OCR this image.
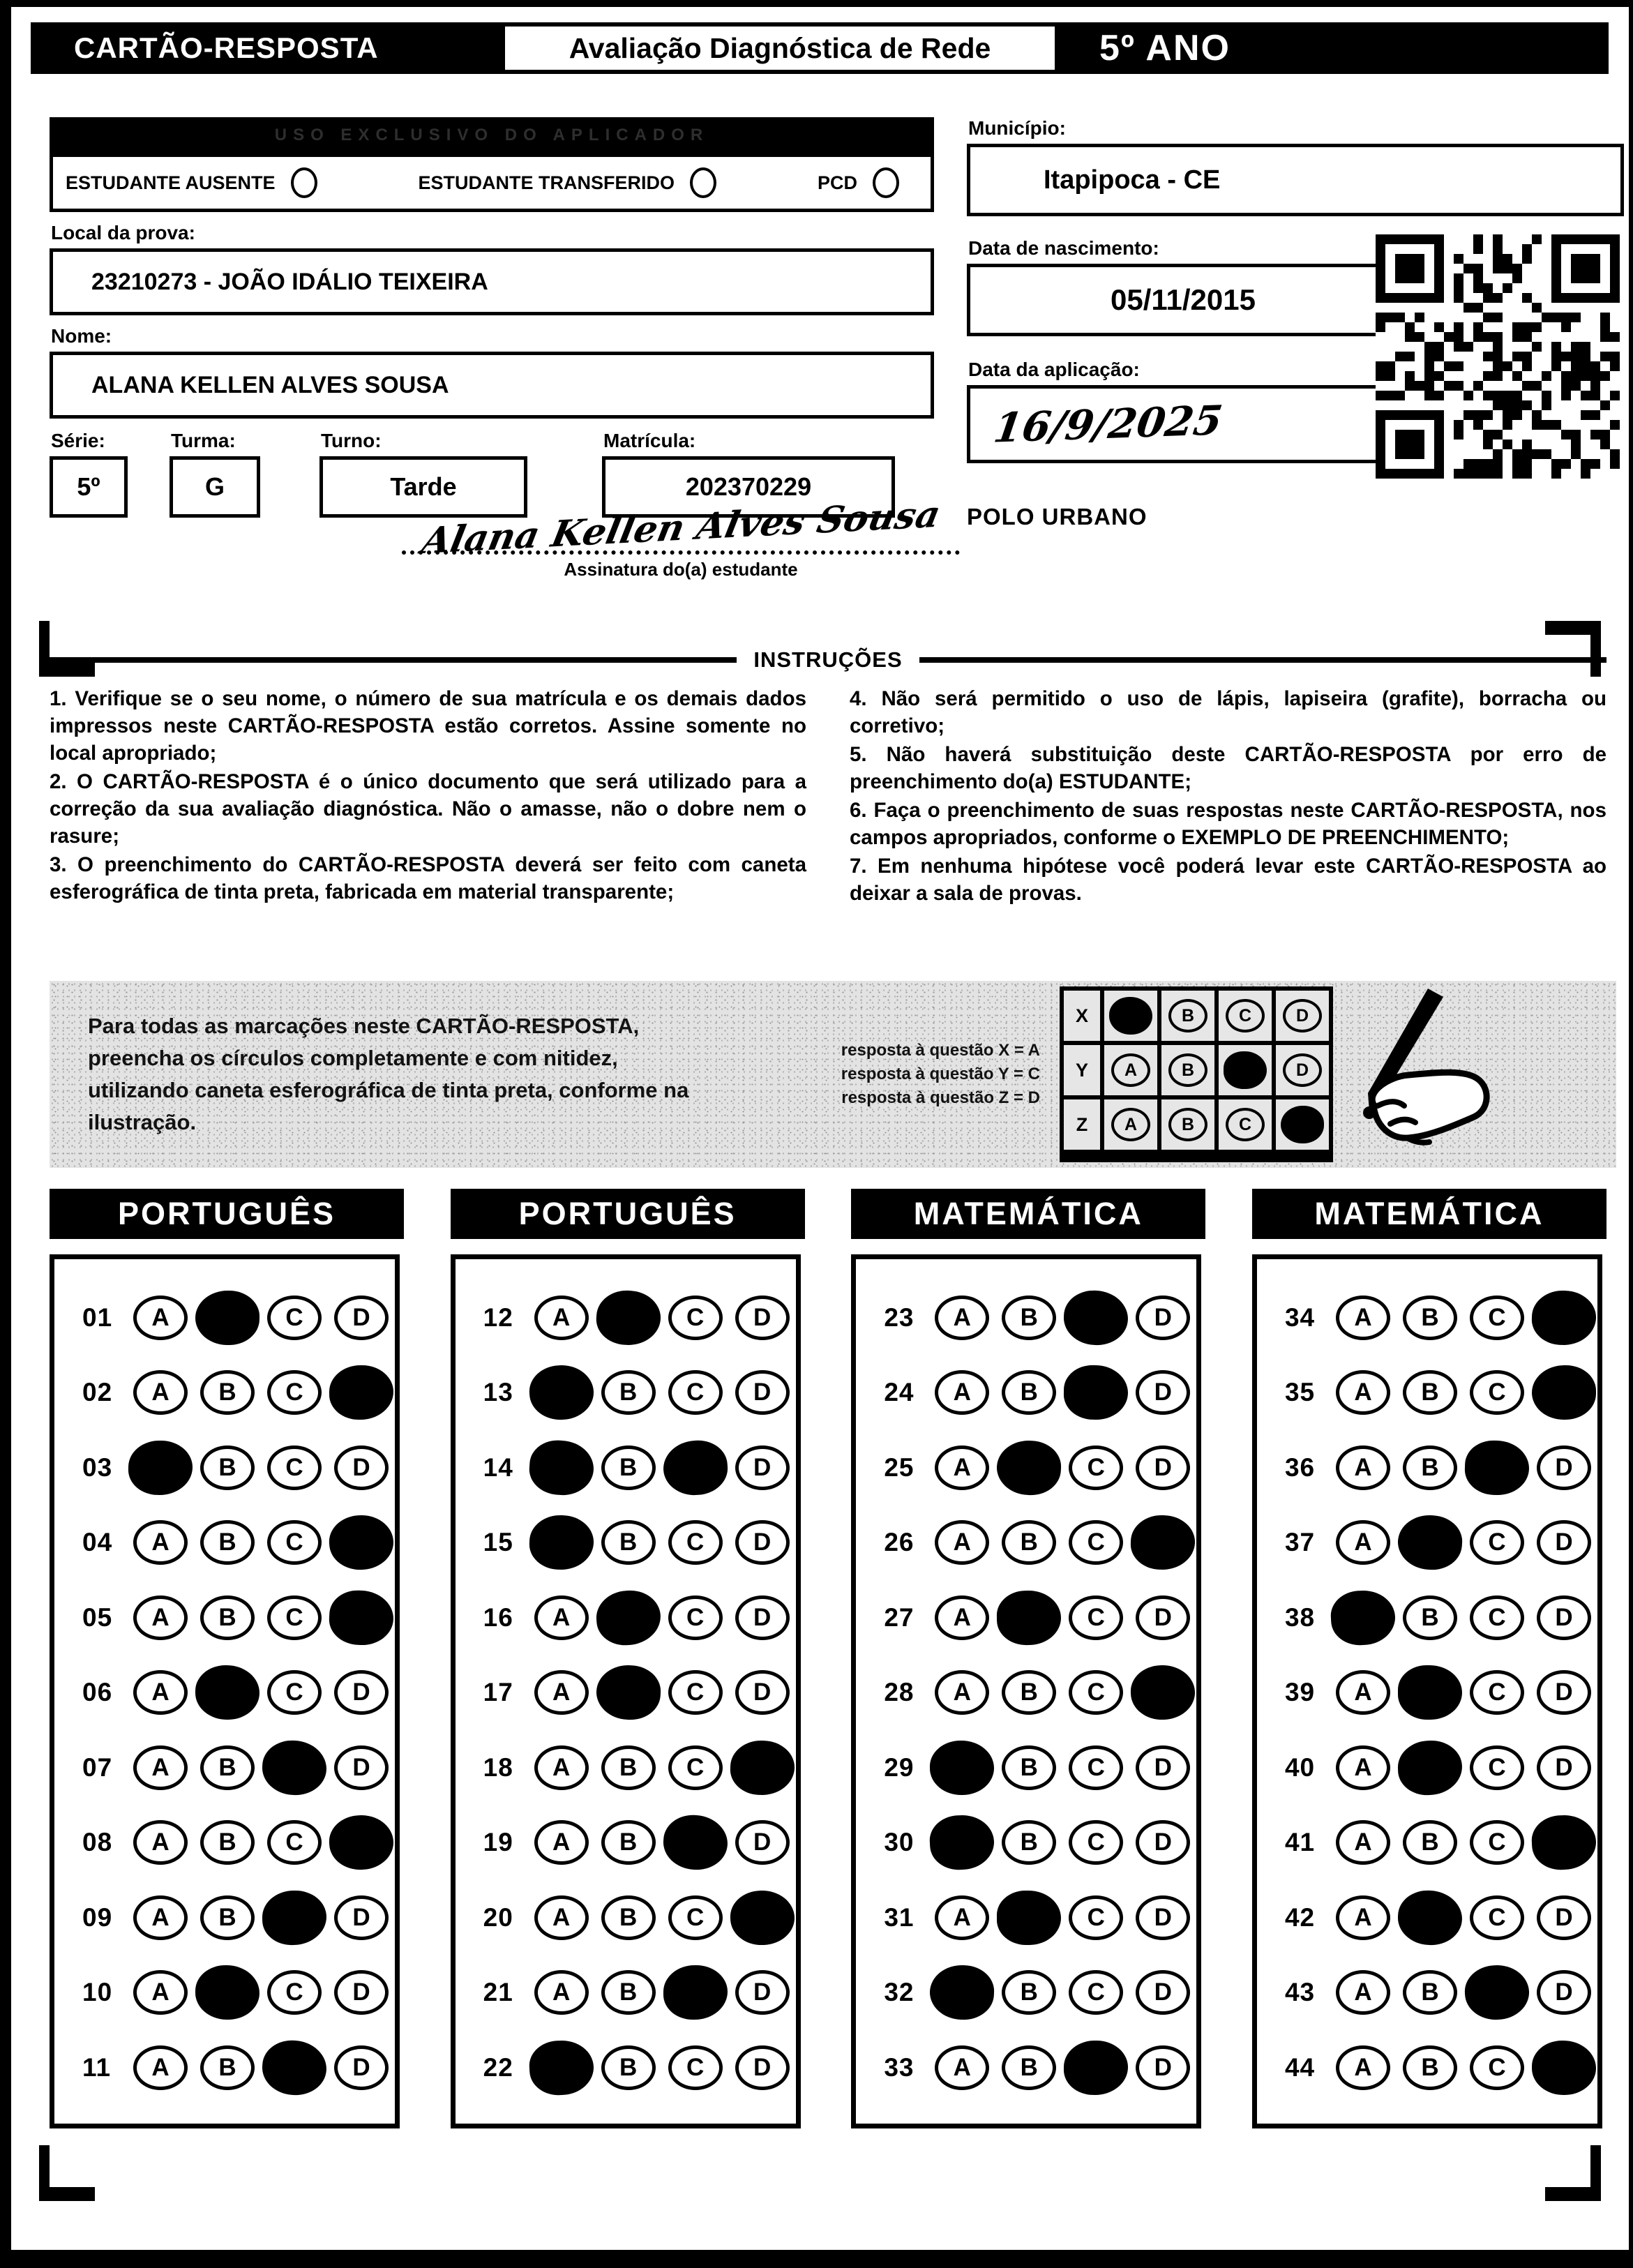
CARTÃO-RESPOSTA	Avaliação Diagnóstica de Rede	5º ANO
USO EXCLUSIVO DO APLICADOR
ESTUDANTE AUSENTE	ESTUDANTE TRANSFERIDO	PCD
Local da prova:
23210273 - JOÃO IDÁLIO TEIXEIRA
Nome:
ALANA KELLEN ALVES SOUSA
Série:
5º
Turma:
G
Turno:
Tarde
Matrícula:
202370229
Município:
Itapipoca - CE
Data de nascimento:
05/11/2015
Data da aplicação:
16/9/2025
POLO URBANO
Alana Kellen Alves Sousa
Assinatura do(a) estudante
INSTRUÇÕES

1. Verifique se o seu nome, o número de sua matrícula e os demais dados impressos neste CARTÃO-RESPOSTA estão corretos. Assine somente no local apropriado;

2. O CARTÃO-RESPOSTA é o único documento que será utilizado para a correção da sua avaliação diagnóstica. Não o amasse, não o dobre nem o rasure;

3. O preenchimento do CARTÃO-RESPOSTA deverá ser feito com caneta esferográfica de tinta preta, fabricada em material transparente;

4. Não será permitido o uso de lápis, lapiseira (grafite), borracha ou corretivo;

5. Não haverá substituição deste CARTÃO-RESPOSTA por erro de preenchimento do(a) ESTUDANTE;

6. Faça o preenchimento de suas respostas neste CARTÃO-RESPOSTA, nos campos apropriados, conforme o EXEMPLO DE PREENCHIMENTO;

7. Em nenhuma hipótese você poderá levar este CARTÃO-RESPOSTA ao deixar a sala de provas.

Para todas as marcações neste CARTÃO-RESPOSTA, preencha os círculos completamente e com nitidez, utilizando caneta esferográfica de tinta preta, conforme na ilustração.
resposta à questão X = A
resposta à questão Y = C
resposta à questão Z = D
X	B	C	D
Y	A	B	D
Z	A	B	C
PORTUGUÊS
01	A	C	D
02	A	B	C
03	B	C	D
04	A	B	C
05	A	B	C
06	A	C	D
07	A	B	D
08	A	B	C
09	A	B	D
10	A	C	D
11	A	B	D
PORTUGUÊS
12	A	C	D
13	B	C	D
14	B	D
15	B	C	D
16	A	C	D
17	A	C	D
18	A	B	C
19	A	B	D
20	A	B	C
21	A	B	D
22	B	C	D
MATEMÁTICA
23	A	B	D
24	A	B	D
25	A	C	D
26	A	B	C
27	A	C	D
28	A	B	C
29	B	C	D
30	B	C	D
31	A	C	D
32	B	C	D
33	A	B	D
MATEMÁTICA
34	A	B	C
35	A	B	C
36	A	B	D
37	A	C	D
38	B	C	D
39	A	C	D
40	A	C	D
41	A	B	C
42	A	C	D
43	A	B	D
44	A	B	C
